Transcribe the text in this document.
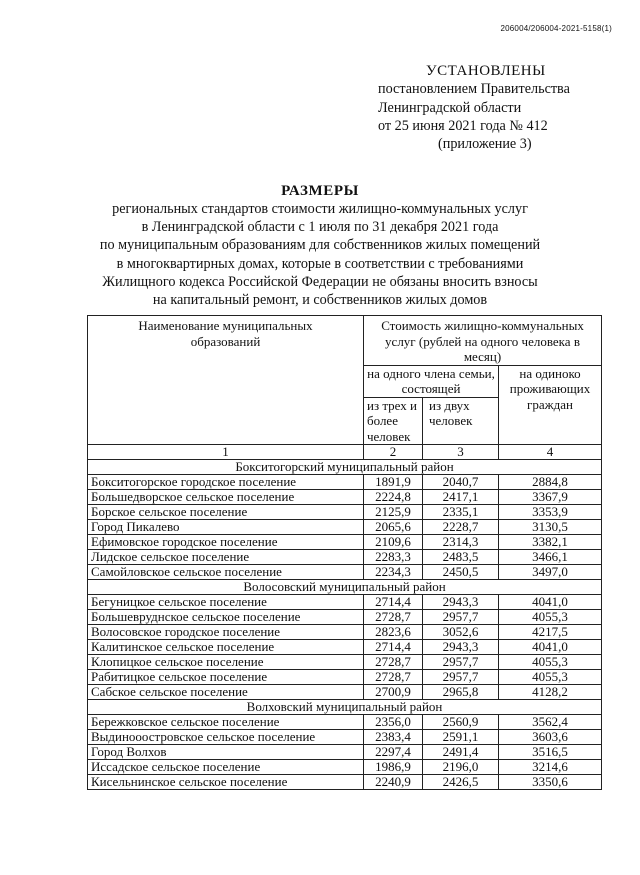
206004/206004-2021-5158(1)
УСТАНОВЛЕНЫ
постановлением Правительства
Ленинградской области
от 25 июня 2021 года № 412
(приложение 3)
РАЗМЕРЫ
региональных стандартов стоимости жилищно-коммунальных услуг
в Ленинградской области с 1 июля по 31 декабря 2021 года
по муниципальным образованиям для собственников жилых помещений
в многоквартирных домах, которые в соответствии с требованиями
Жилищного кодекса Российской Федерации не обязаны вносить взносы
на капитальный ремонт, и собственников жилых домов
Наименование муниципальных образований	Стоимость жилищно-коммунальных услуг (рублей на одного человека в месяц)		
	на одного члена семьи, состоящей		на одиноко проживающих граждан
	из трех и более человек	из двух человек	
1	2	3	4
Бокситогорский муниципальный район			
Бокситогорское городское поселение	1891,9	2040,7	2884,8
Большедворское сельское поселение	2224,8	2417,1	3367,9
Борское сельское поселение	2125,9	2335,1	3353,9
Город Пикалево	2065,6	2228,7	3130,5
Ефимовское городское поселение	2109,6	2314,3	3382,1
Лидское сельское поселение	2283,3	2483,5	3466,1
Самойловское сельское поселение	2234,3	2450,5	3497,0
Волосовский муниципальный район			
Бегуницкое сельское поселение	2714,4	2943,3	4041,0
Большевруднское сельское поселение	2728,7	2957,7	4055,3
Волосовское городское поселение	2823,6	3052,6	4217,5
Калитинское сельское поселение	2714,4	2943,3	4041,0
Клопицкое сельское поселение	2728,7	2957,7	4055,3
Рабитицкое сельское поселение	2728,7	2957,7	4055,3
Сабское сельское поселение	2700,9	2965,8	4128,2
Волховский муниципальный район			
Бережковское сельское поселение	2356,0	2560,9	3562,4
Выдинооостровское сельское поселение	2383,4	2591,1	3603,6
Город Волхов	2297,4	2491,4	3516,5
Иссадское сельское поселение	1986,9	2196,0	3214,6
Кисельнинское сельское поселение	2240,9	2426,5	3350,6
